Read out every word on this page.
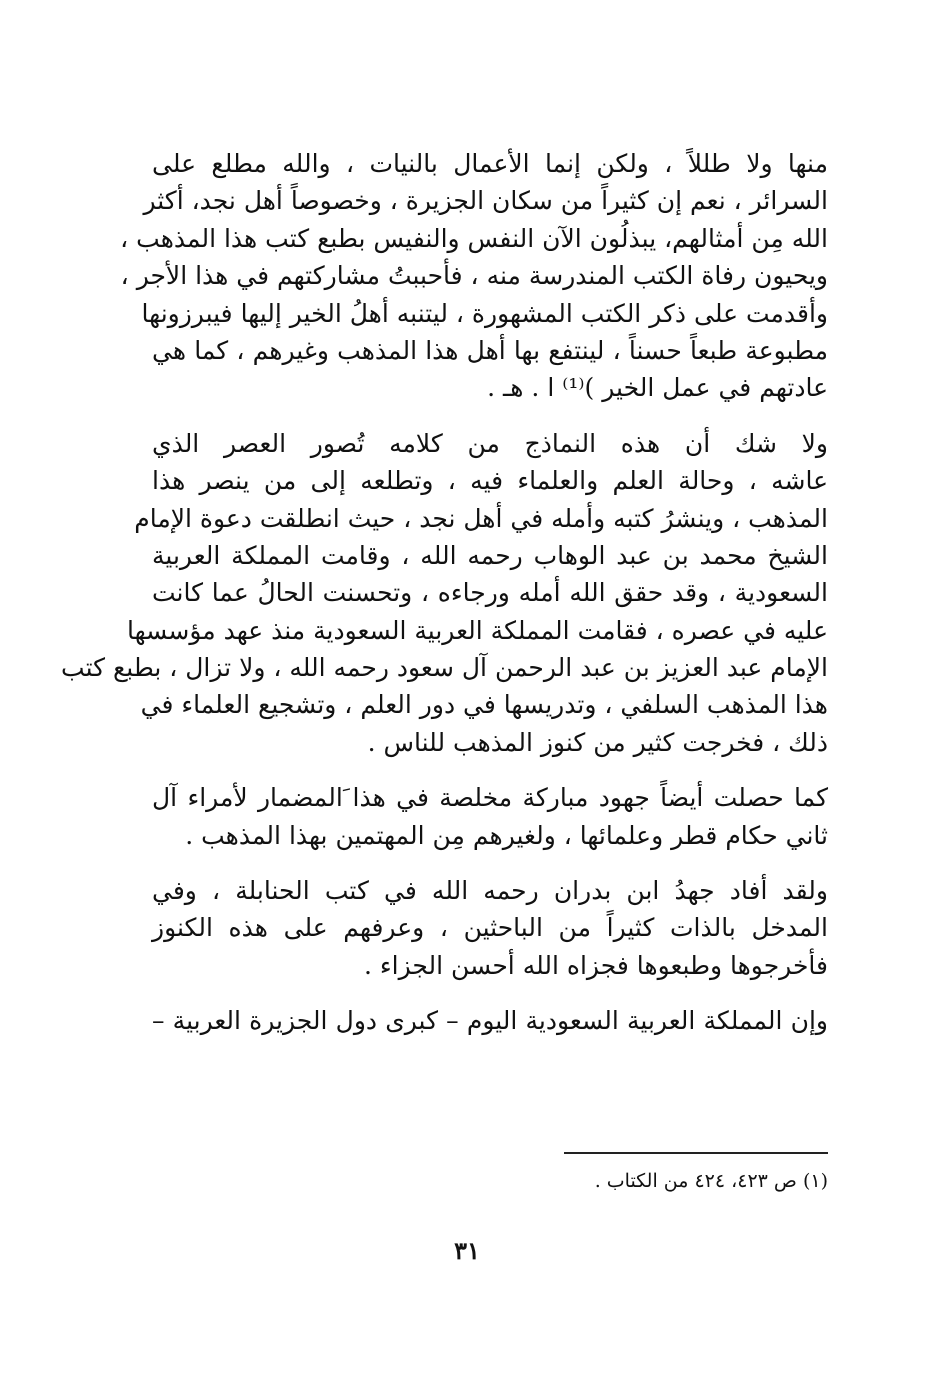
منها ولا طللاً ، ولكن إنما الأعمال بالنيات ، والله مطلع على
السرائر ، نعم إن كثيراً من سكان الجزيرة ، وخصوصاً أهل نجد، أكثر
الله مِن أمثالهم، يبذلُون الآن النفس والنفيس بطبع كتب هذا المذهب ،
ويحيون رفاة الكتب المندرسة منه ، فأحببتُ مشاركتهم في هذا الأجر ،
وأقدمت على ذكر الكتب المشهورة ، ليتنبه أهلُ الخير إليها فيبرزونها
مطبوعة طبعاً حسناً ، لينتفع بها أهل هذا المذهب وغيرهم ، كما هي
عادتهم في عمل الخير )⁽¹⁾ ا . هـ .
ولا شك أن هذه النماذج من كلامه تُصور العصر الذي
عاشه ، وحالة العلم والعلماء فيه ، وتطلعه إلى من ينصر هذا
المذهب ، وينشرُ كتبه وأمله في أهل نجد ، حيث انطلقت دعوة الإمام
الشيخ محمد بن عبد الوهاب رحمه الله ، وقامت المملكة العربية
السعودية ، وقد حقق الله أمله ورجاءه ، وتحسنت الحالُ عما كانت
عليه في عصره ، فقامت المملكة العربية السعودية منذ عهد مؤسسها
الإمام عبد العزيز بن عبد الرحمن آل سعود رحمه الله ، ولا تزال ، بطبع كتب
هذا المذهب السلفي ، وتدريسها في دور العلم ، وتشجيع العلماء في
ذلك ، فخرجت كثير من كنوز المذهب للناس .
كما حصلت أيضاً جهود مباركة مخلصة في هذا َالمضمار لأمراء آل
ثاني حكام قطر وعلمائها ، ولغيرهم مِن المهتمين بهذا المذهب .
ولقد أفاد جهدُ ابن بدران رحمه الله في كتب الحنابلة ، وفي
المدخل بالذات كثيراً من الباحثين ، وعرفهم على هذه الكنوز
فأخرجوها وطبعوها فجزاه الله أحسن الجزاء .
وإن المملكة العربية السعودية اليوم – كبرى دول الجزيرة العربية –
(١) ص ٤٢٣، ٤٢٤ من الكتاب .
٣١
